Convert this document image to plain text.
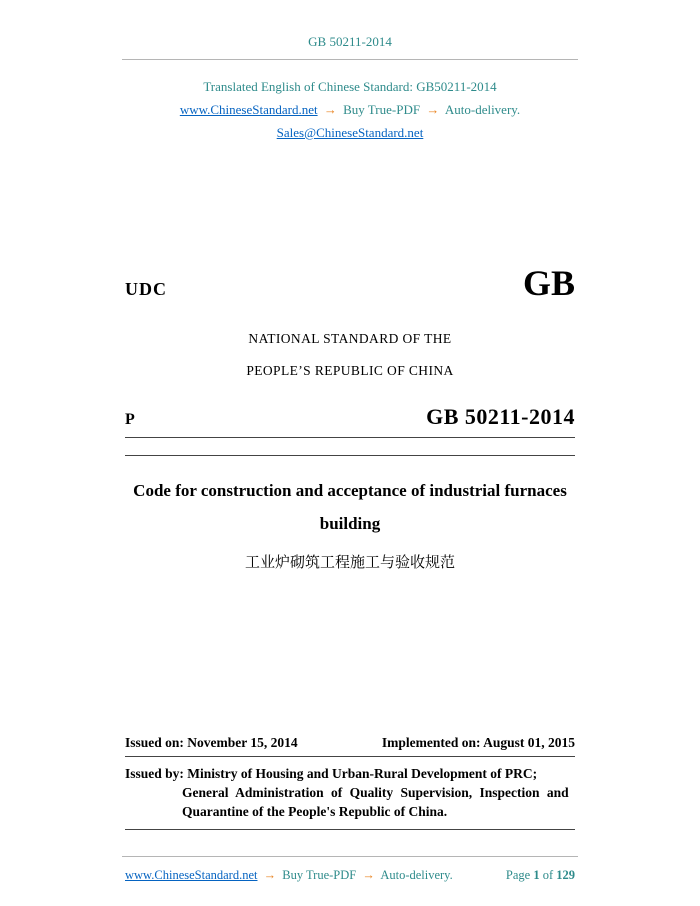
GB 50211-2014
Translated English of Chinese Standard: GB50211-2014
www.ChineseStandard.net → Buy True-PDF → Auto-delivery.
Sales@ChineseStandard.net
UDC	GB
NATIONAL STANDARD OF THE
PEOPLE’S REPUBLIC OF CHINA
P	GB 50211-2014
Code for construction and acceptance of industrial furnaces
building
工业炉砌筑工程施工与验收规范
Issued on: November 15, 2014	Implemented on: August 01, 2015
Issued by: Ministry of Housing and Urban-Rural Development of PRC;
General Administration of Quality Supervision, Inspection and
Quarantine of the People's Republic of China.
www.ChineseStandard.net → Buy True-PDF → Auto-delivery.	Page 1 of 129
